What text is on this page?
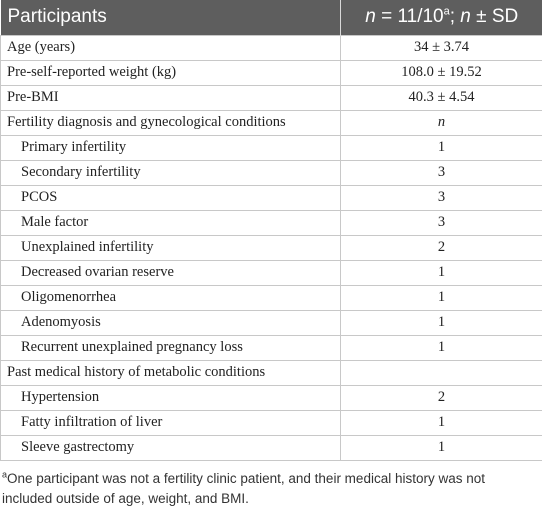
Participants	$n = 11/10^a$; n ± SD
Age (years)	34 ± 3.74
Pre-self-reported weight (kg)	108.0 ± 19.52
Pre-BMI	40.3 ± 4.54
Fertility diagnosis and gynecological conditions	n
Primary infertility	1
Secondary infertility	3
PCOS	3
Male factor	3
Unexplained infertility	2
Decreased ovarian reserve	1
Oligomenorrhea	1
Adenomyosis	1
Recurrent unexplained pregnancy loss	1
Past medical history of metabolic conditions	
Hypertension	2
Fatty infiltration of liver	1
Sleeve gastrectomy	1
$^a$One participant was not a fertility clinic patient, and their medical history was not included outside of age, weight, and BMI.
